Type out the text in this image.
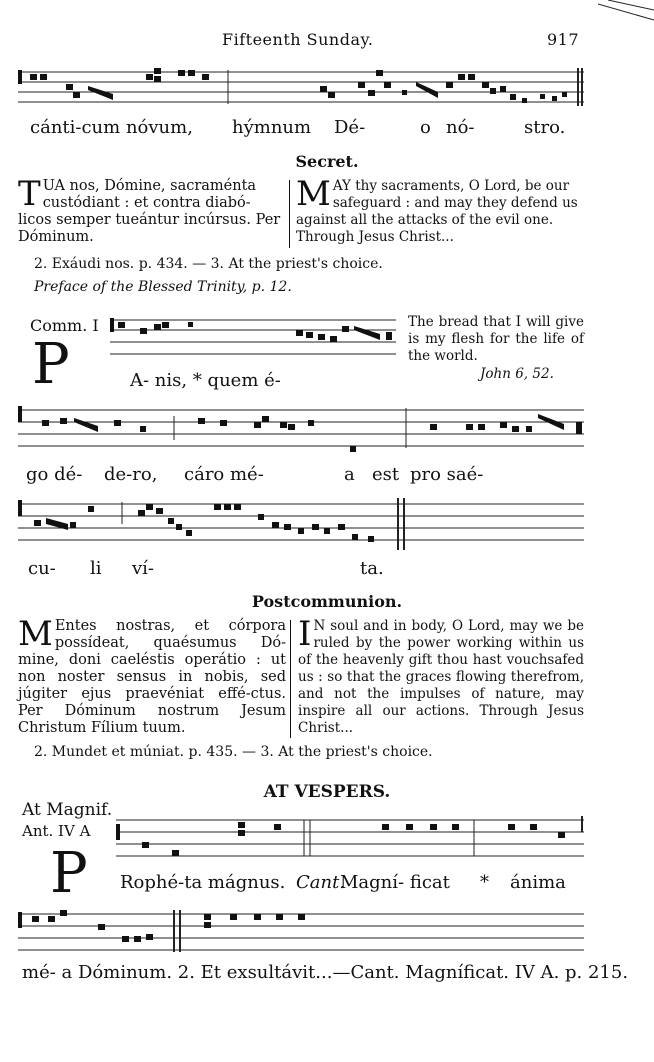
Fifteenth Sunday.	917
cánti-cum nóvum, hýmnum Dé-	o nó-	stro.
Secret.

TUA nos, Dómine, sacraménta custódiant : et contra diabó-licos semper tueántur incúrsus. Per Dóminum.

MAY thy sacraments, O Lord, be our safeguard : and may they defend us against all the attacks of the evil one. Through Jesus Christ...

2. Exáudi nos. p. 434. — 3. At the priest's choice.
Preface of the Blessed Trinity, p. 12.
Comm. I
P	A- nis, * quem é-
The bread that I will give is my flesh for the life of the world.
John 6, 52.
go dé- de-ro, cáro mé-	a est pro saé-
cu- li ví-	ta.
Postcommunion.

M Entes nostras, et córpora possídeat, quaésumus Dó-mine, doni caeléstis operátio : ut non noster sensus in nobis, sed júgiter ejus praevéniat effé-ctus. Per Dóminum nostrum Jesum Christum Fílium tuum.

I N soul and in body, O Lord, may we be ruled by the power working within us of the heavenly gift thou hast vouchsafed us : so that the graces flowing therefrom, and not the impulses of nature, may inspire all our actions. Through Jesus Christ...

2. Mundet et múniat. p. 435. — 3. At the priest's choice.
AT VESPERS.
At Magnif.
Ant. IV A
P Rophé-ta mágnus. Cant.
Magní- ficat * ánima
mé- a Dóminum. 2. Et exsultávit...—Cant. Magníficat. IV A. p. 215.
